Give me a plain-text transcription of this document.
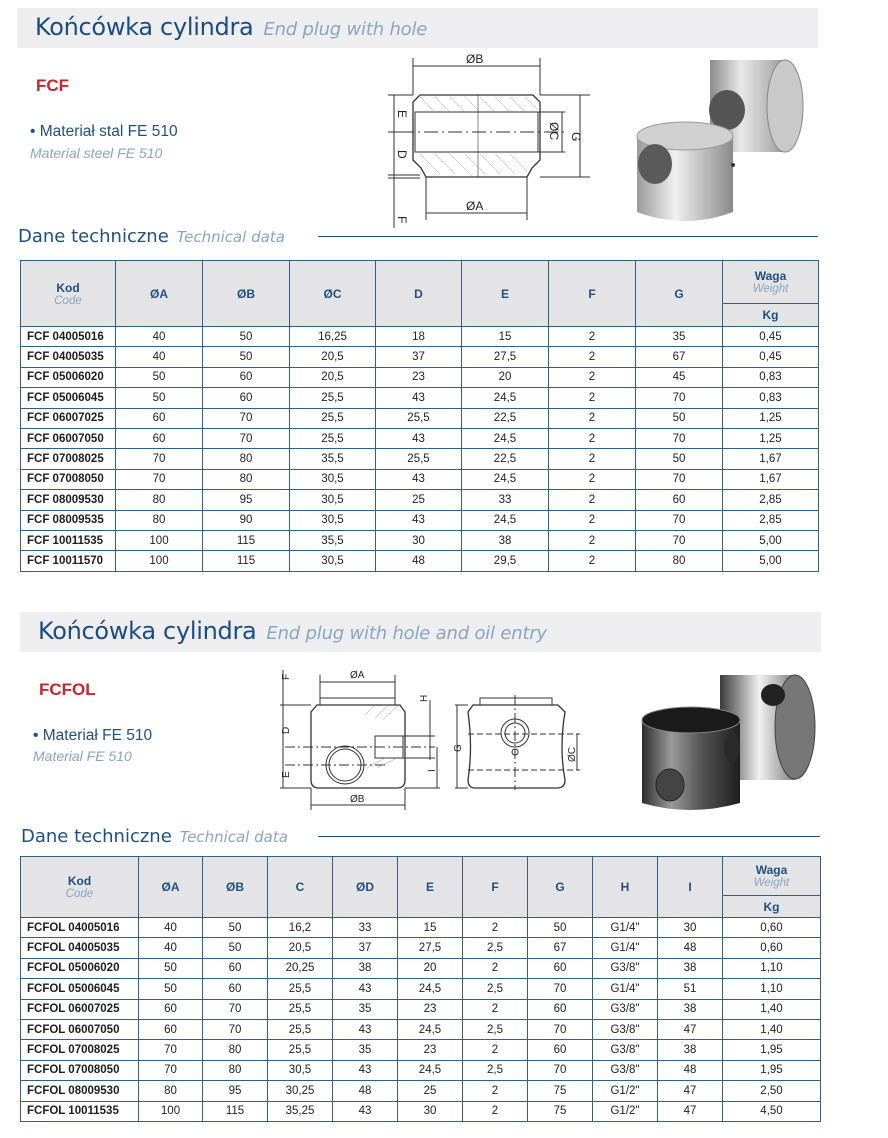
Końcówka cylindra End plug with hole
FCF
• Materiał stal FE 510
Material steel FE 510
ØB
ØA
E
D
F
ØC G
Dane techniczne Technical data
Kod
Code	ØA	ØB	ØC	D	E	F	G	Waga
Weight

								Kg
FCF 04005016	40	50	16,25	18	15	2	35	0,45
FCF 04005035	40	50	20,5	37	27,5	2	67	0,45
FCF 05006020	50	60	20,5	23	20	2	45	0,83
FCF 05006045	50	60	25,5	43	24,5	2	70	0,83
FCF 06007025	60	70	25,5	25,5	22,5	2	50	1,25
FCF 06007050	60	70	25,5	43	24,5	2	70	1,25
FCF 07008025	70	80	35,5	25,5	22,5	2	50	1,67
FCF 07008050	70	80	30,5	43	24,5	2	70	1,67
FCF 08009530	80	95	30,5	25	33	2	60	2,85
FCF 08009535	80	90	30,5	43	24,5	2	70	2,85
FCF 10011535	100	115	35,5	30	38	2	70	5,00
FCF 10011570	100	115	30,5	48	29,5	2	80	5,00
Końcówka cylindra End plug with hole and oil entry
FCFOL
• Materiał FE 510
Material FE 510
ØA
ØB
F
D
E
H
I
G	ØC
Dane techniczne Technical data
Kod
Code	ØA	ØB	C	ØD	E	F	G	H	I	Waga
Weight

										Kg
FCFOL 04005016	40	50	16,2	33	15	2	50	G1/4"	30	0,60
FCFOL 04005035	40	50	20,5	37	27,5	2,5	67	G1/4"	48	0,60
FCFOL 05006020	50	60	20,25	38	20	2	60	G3/8"	38	1,10
FCFOL 05006045	50	60	25,5	43	24,5	2,5	70	G1/4"	51	1,10
FCFOL 06007025	60	70	25,5	35	23	2	60	G3/8"	38	1,40
FCFOL 06007050	60	70	25,5	43	24,5	2,5	70	G3/8"	47	1,40
FCFOL 07008025	70	80	25,5	35	23	2	60	G3/8"	38	1,95
FCFOL 07008050	70	80	30,5	43	24,5	2,5	70	G3/8"	48	1,95
FCFOL 08009530	80	95	30,25	48	25	2	75	G1/2"	47	2,50
FCFOL 10011535	100	115	35,25	43	30	2	75	G1/2"	47	4,50
